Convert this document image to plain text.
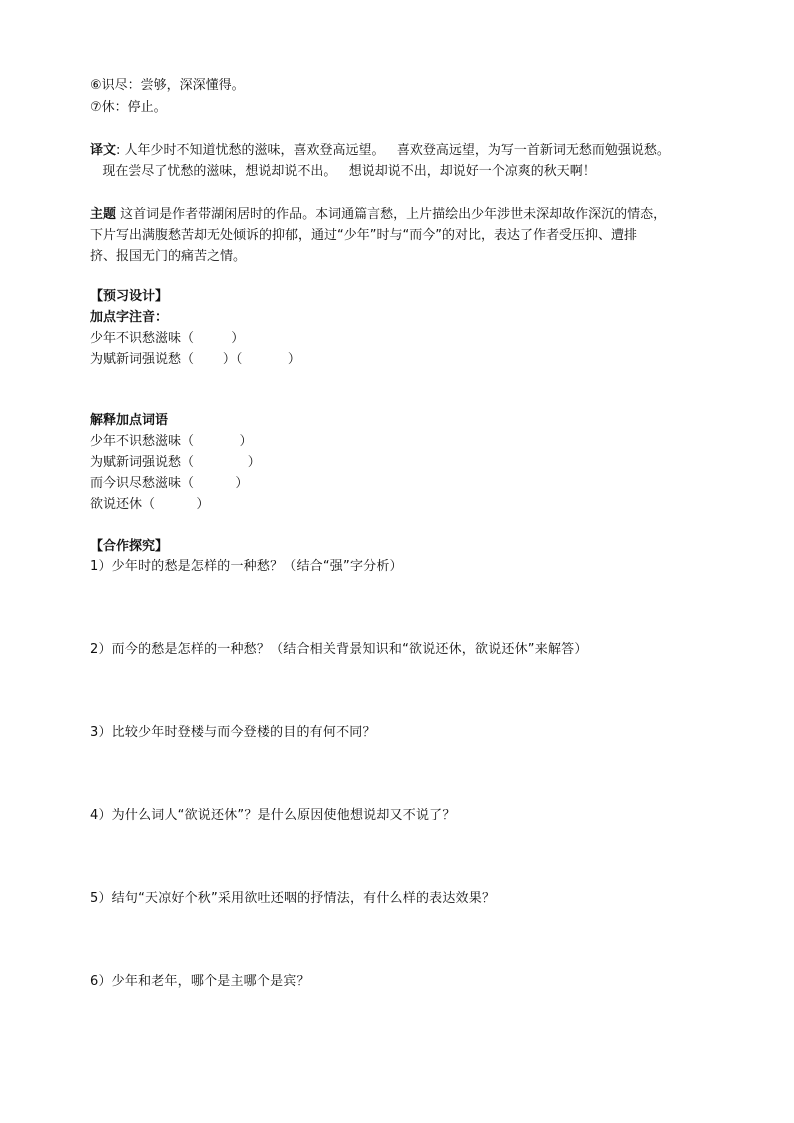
⑥识尽：尝够，深深懂得。
⑦休：停止。
译文: 人年少时不知道忧愁的滋味，喜欢登高远望。   喜欢登高远望，为写一首新词无愁而勉强说愁。
现在尝尽了忧愁的滋味，想说却说不出。   想说却说不出，却说好一个凉爽的秋天啊！
主题 这首词是作者带湖闲居时的作品。本词通篇言愁，上片描绘出少年涉世未深却故作深沉的情态，
下片写出满腹愁苦却无处倾诉的抑郁，通过“少年”时与“而今”的对比，表达了作者受压抑、遭排
挤、报国无门的痛苦之情。
【预习设计】
加点字注音：
少年不识愁滋味（         ）
为赋新词强说愁（       ）（           ）
解释加点词语
少年不识愁滋味（           ）
为赋新词强说愁（             ）
而今识尽愁滋味（          ）
欲说还休（          ）
【合作探究】
1）少年时的愁是怎样的一种愁？（结合“强”字分析）
2）而今的愁是怎样的一种愁？（结合相关背景知识和“欲说还休，欲说还休”来解答）
3）比较少年时登楼与而今登楼的目的有何不同？
4）为什么词人“欲说还休”？是什么原因使他想说却又不说了？
5）结句“天凉好个秋”采用欲吐还咽的抒情法，有什么样的表达效果？
6）少年和老年，哪个是主哪个是宾？
